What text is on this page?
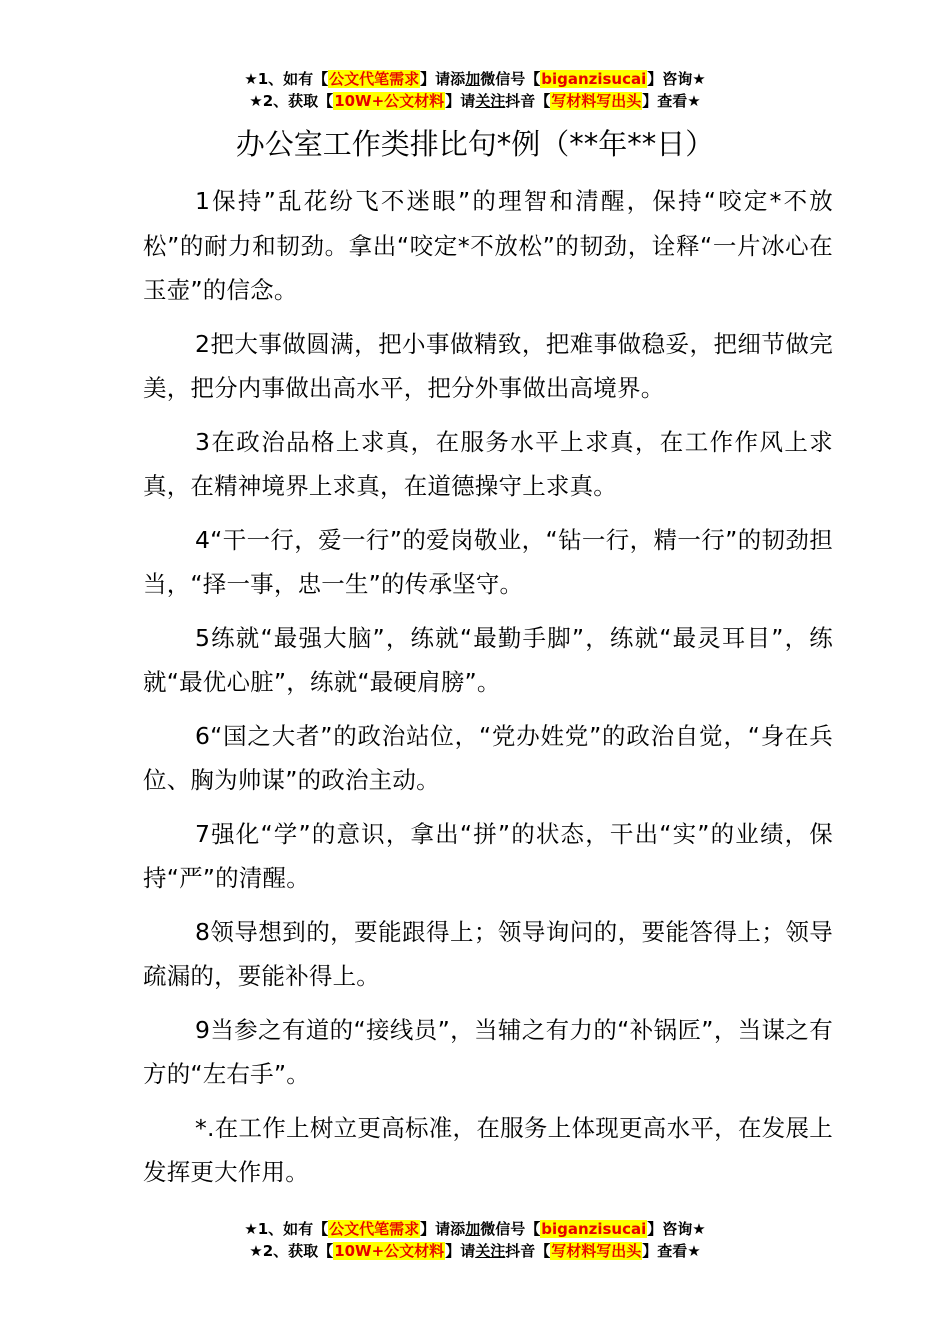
★1、如有【公文代笔需求】请添加微信号【biganzisucai】咨询★
★2、获取【10W+公文材料】请关注抖音【写材料写出头】查看★
办公室工作类排比句*例（**年**日）

1保持”乱花纷飞不迷眼”的理智和清醒，保持“咬定*不放松”的耐力和韧劲。拿出“咬定*不放松”的韧劲，诠释“一片冰心在玉壶”的信念。

2把大事做圆满，把小事做精致，把难事做稳妥，把细节做完美，把分内事做出高水平，把分外事做出高境界。

3在政治品格上求真，在服务水平上求真，在工作作风上求真，在精神境界上求真，在道德操守上求真。

4“干一行，爱一行”的爱岗敬业，“钻一行，精一行”的韧劲担当，“择一事，忠一生”的传承坚守。

5练就“最强大脑”，练就“最勤手脚”，练就“最灵耳目”，练就“最优心脏”，练就“最硬肩膀”。

6“国之大者”的政治站位，“党办姓党”的政治自觉，“身在兵位、胸为帅谋”的政治主动。

7强化“学”的意识，拿出“拼”的状态，干出“实”的业绩，保持“严”的清醒。

8领导想到的，要能跟得上；领导询问的，要能答得上；领导疏漏的，要能补得上。

9当参之有道的“接线员”，当辅之有力的“补锅匠”，当谋之有方的“左右手”。

*.在工作上树立更高标准，在服务上体现更高水平，在发展上发挥更大作用。

★1、如有【公文代笔需求】请添加微信号【biganzisucai】咨询★
★2、获取【10W+公文材料】请关注抖音【写材料写出头】查看★
